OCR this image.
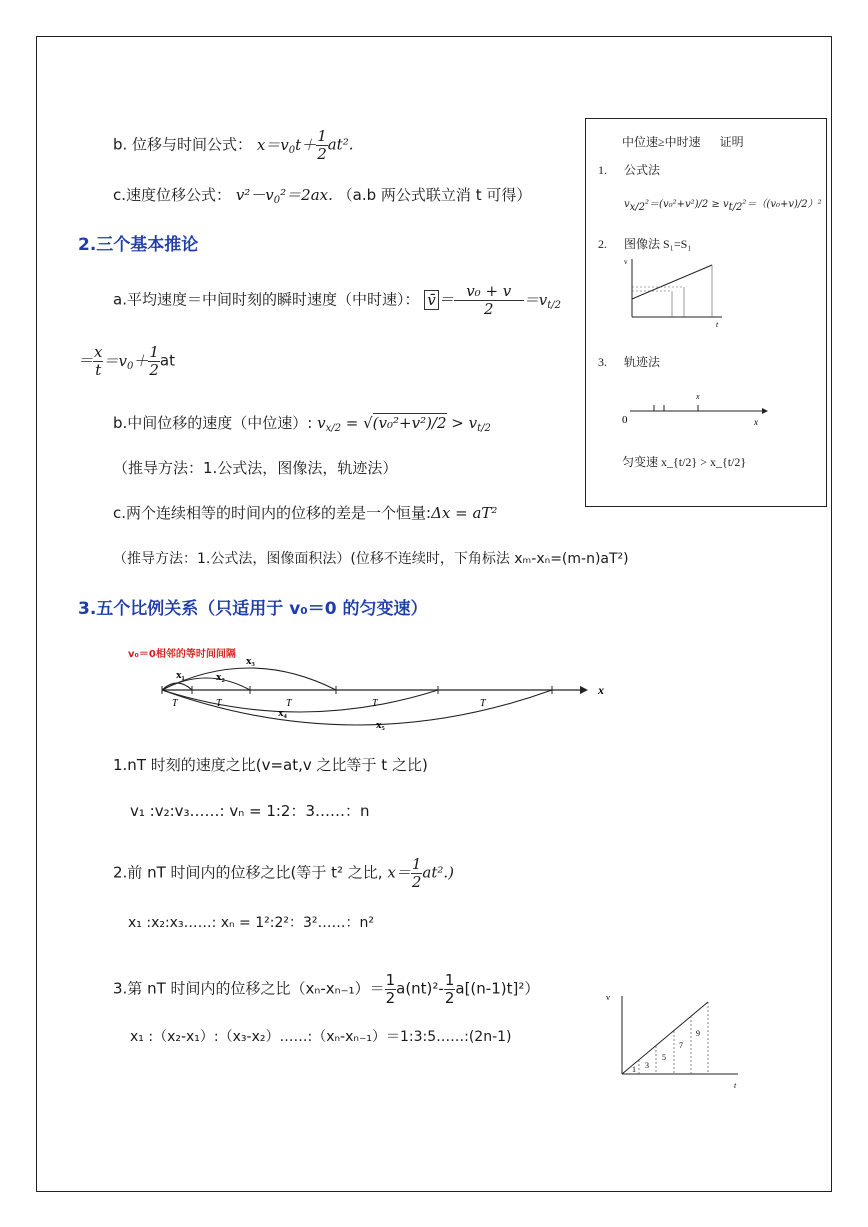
b. 位移与时间公式： $x=v_0t+ \frac{1}{2} at^2$.
c.速度位移公式： $v^2-v_0^2=2ax$. （a.b 两公式联立消 t 可得）
2.三个基本推论
a.平均速度＝中间时刻的瞬时速度（中时速）： v̄ ＝ $\frac{\text{v₀ + v}}{2} =v_{t/2}$
＝ $\frac{x}{t} =v_0+ \frac{1}{2}$ at
b.中间位移的速度（中位速）: $v_{x/2} = √(v_0^2+v^2)/2 > v_{t/2}$
（推导方法：1.公式法，图像法，轨迹法）
c.两个连续相等的时间内的位移的差是一个恒量:Δx = aT²
（推导方法：1.公式法，图像面积法）(位移不连续时，下角标法 xₘ-xₙ=(m-n)aT²)
3.五个比例关系（只适用于 v₀＝0 的匀变速）
中位速≥中时速 证明
1. 公式法
vx/2²＝(v₀²+v²)/2 ≥ vt/2²＝（(v₀+v)/2）²
2. 图像法 S₁=S₁
v
t
3. 轨迹法
0
x
x
匀变速 x_{t/2} > x_{t/2}
v₀＝0相邻的等时间间隔
x₁	x₂
x₃
x₄
x₅
T	T	T	T	T
x
1.nT 时刻的速度之比(v=at,v 之比等于 t 之比)
v₁ :v₂:v₃……: vₙ = 1:2：3……：n
2.前 nT 时间内的位移之比(等于 t² 之比, $x= \frac{1}{2} at^2$.)
x₁ :x₂:x₃……: xₙ = 1²:2²：3²……：n²
3.第 nT 时间内的位移之比$(x_n-x_{n-1})= \frac{1}{2} a(nt)^2- \frac{1}{2} a[(n-1)t]^2$）
x₁ :（x₂-x₁）:（x₃-x₂）……:（xₙ-xₙ₋₁）＝1:3:5……:(2n-1)
v
t
1 3
5
7
9
